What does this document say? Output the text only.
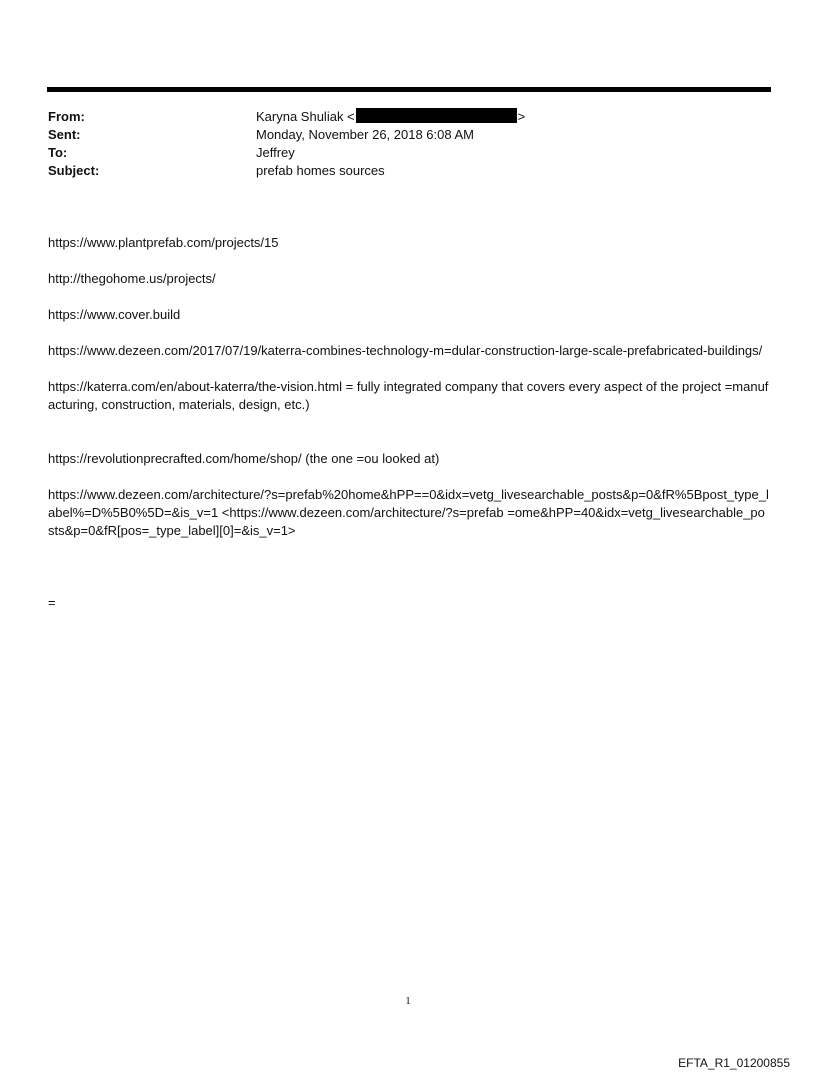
From:	Karyna Shuliak <	>
Sent:	Monday, November 26, 2018 6:08 AM
To:	Jeffrey
Subject:	prefab homes sources
https://www.plantprefab.com/projects/15
http://thegohome.us/projects/
https://www.cover.build
https://www.dezeen.com/2017/07/19/katerra-combines-technology-m=dular-construction-large-scale-prefabricated-buildings/
https://katerra.com/en/about-katerra/the-vision.html = fully integrated company that covers every aspect of the project =manufacturing, construction, materials, design, etc.)
https://revolutionprecrafted.com/home/shop/ (the one =ou looked at)
https://www.dezeen.com/architecture/?s=prefab%20home&hPP==0&idx=vetg_livesearchable_posts&p=0&fR%5Bpost_type_label%=D%5B0%5D=&is_v=1 <https://www.dezeen.com/architecture/?s=prefab =ome&hPP=40&idx=vetg_livesearchable_posts&p=0&fR[pos=_type_label][0]=&is_v=1>
=
1
EFTA_R1_01200855
